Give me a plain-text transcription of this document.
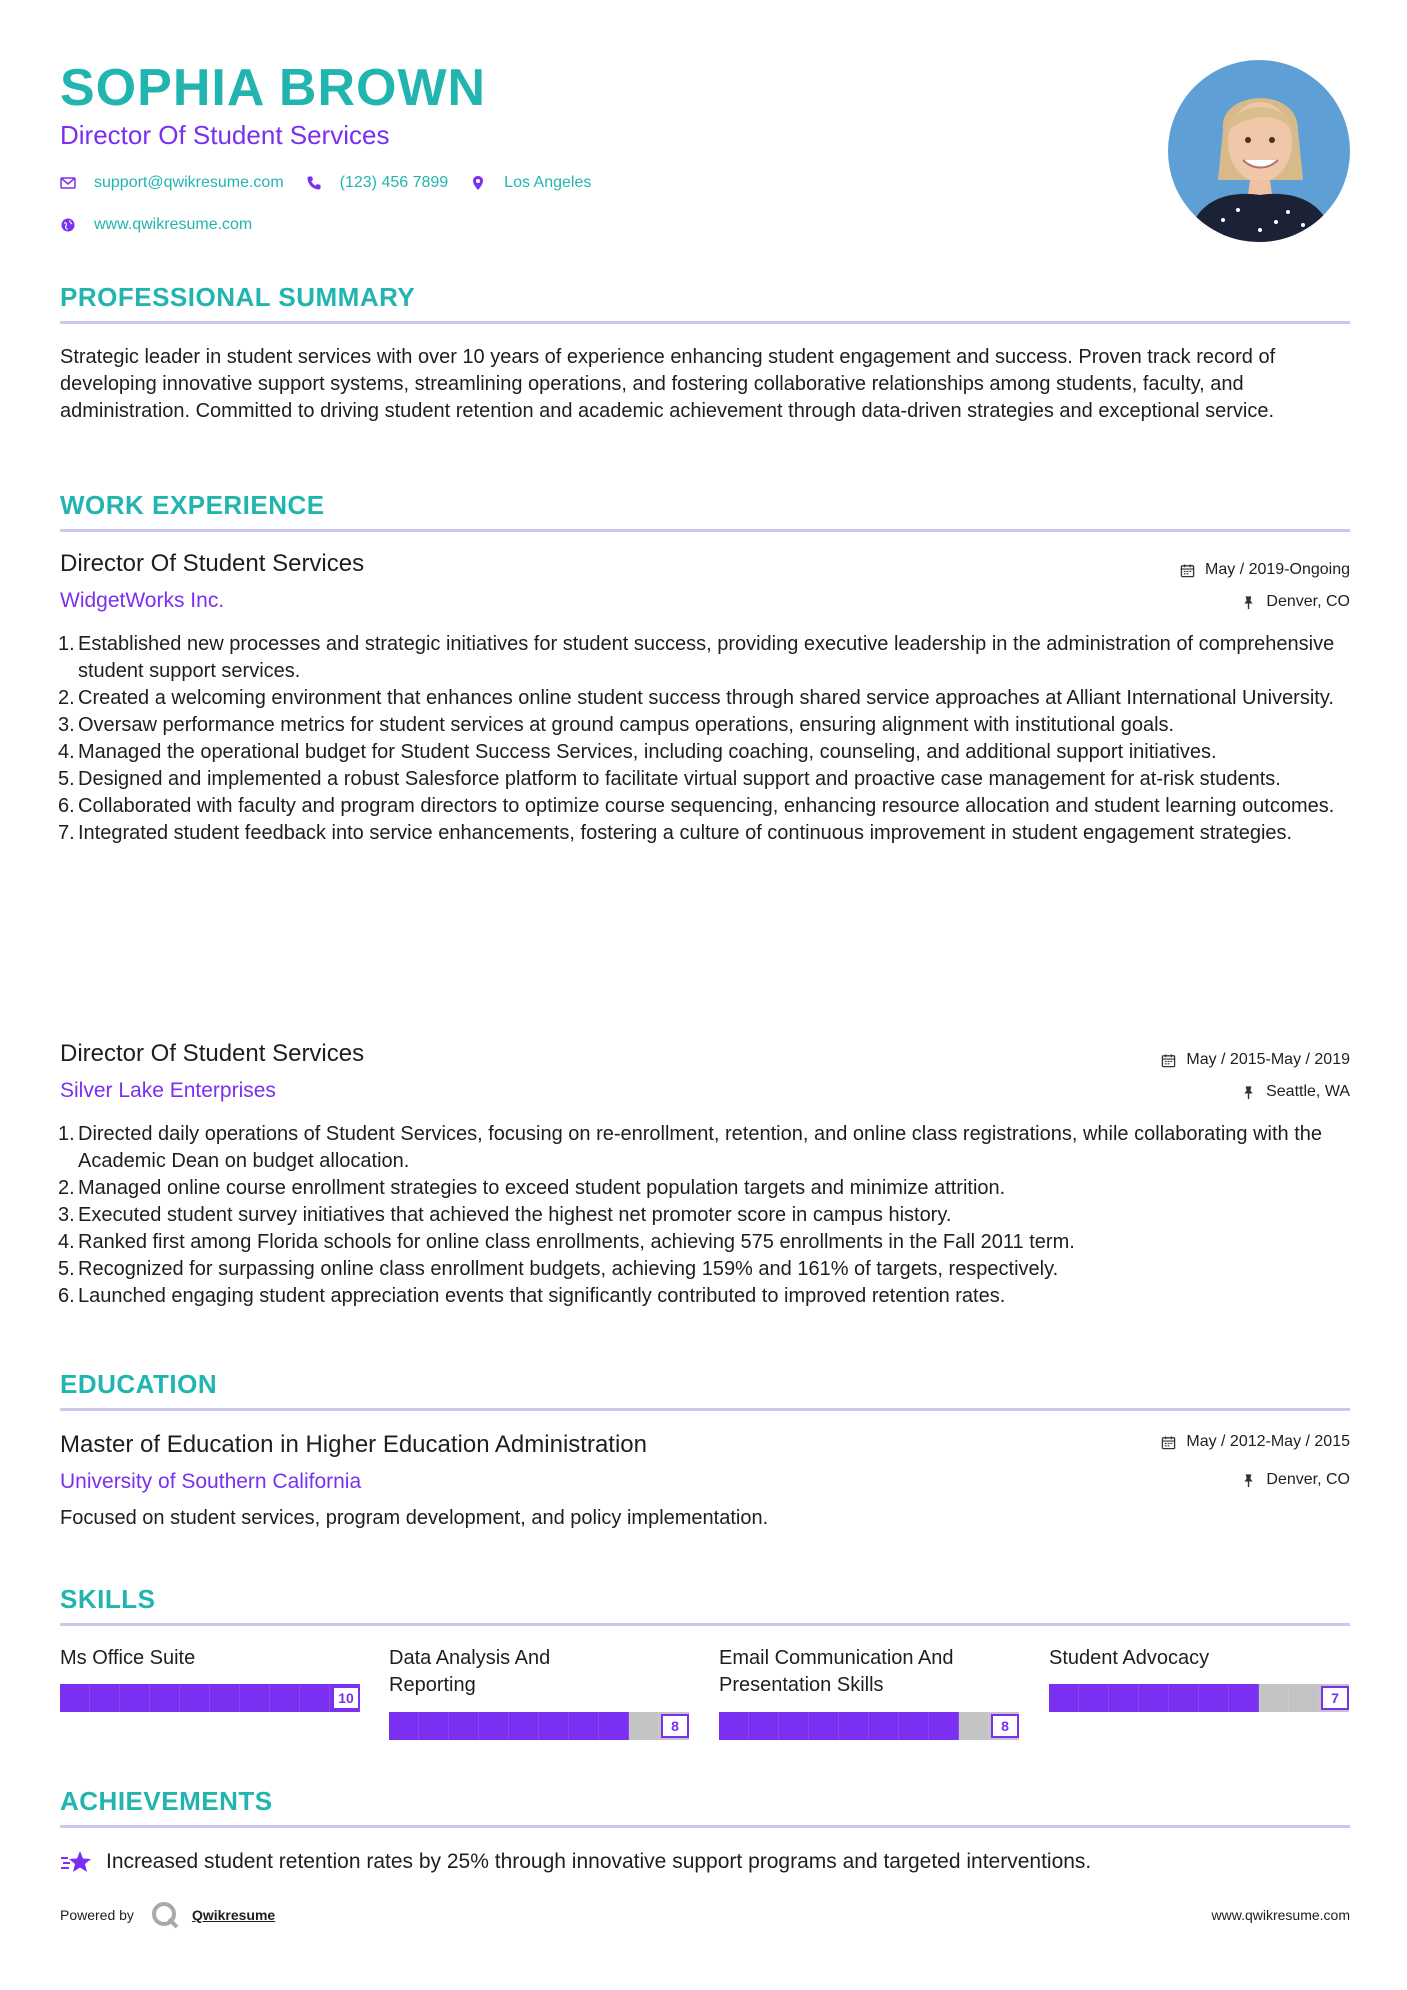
SOPHIA BROWN
Director Of Student Services
support@qwikresume.com	(123) 456 7899	Los Angeles
www.qwikresume.com
PROFESSIONAL SUMMARY
Strategic leader in student services with over 10 years of experience enhancing student engagement and success. Proven track record of developing innovative support systems, streamlining operations, and fostering collaborative relationships among students, faculty, and administration. Committed to driving student retention and academic achievement through data-driven strategies and exceptional service.
WORK EXPERIENCE
Director Of Student Services
WidgetWorks Inc.
May / 2019-Ongoing
Denver, CO
1. Established new processes and strategic initiatives for student success, providing executive leadership in the administration of comprehensive student support services.
2. Created a welcoming environment that enhances online student success through shared service approaches at Alliant International University.
3. Oversaw performance metrics for student services at ground campus operations, ensuring alignment with institutional goals.
4. Managed the operational budget for Student Success Services, including coaching, counseling, and additional support initiatives.
5. Designed and implemented a robust Salesforce platform to facilitate virtual support and proactive case management for at-risk students.
6. Collaborated with faculty and program directors to optimize course sequencing, enhancing resource allocation and student learning outcomes.
7. Integrated student feedback into service enhancements, fostering a culture of continuous improvement in student engagement strategies.
Director Of Student Services
Silver Lake Enterprises
May / 2015-May / 2019
Seattle, WA
1. Directed daily operations of Student Services, focusing on re-enrollment, retention, and online class registrations, while collaborating with the Academic Dean on budget allocation.
2. Managed online course enrollment strategies to exceed student population targets and minimize attrition.
3. Executed student survey initiatives that achieved the highest net promoter score in campus history.
4. Ranked first among Florida schools for online class enrollments, achieving 575 enrollments in the Fall 2011 term.
5. Recognized for surpassing online class enrollment budgets, achieving 159% and 161% of targets, respectively.
6. Launched engaging student appreciation events that significantly contributed to improved retention rates.
EDUCATION
Master of Education in Higher Education Administration
University of Southern California
May / 2012-May / 2015
Denver, CO
Focused on student services, program development, and policy implementation.
SKILLS
Ms Office Suite
10
Data Analysis And Reporting
8
Email Communication And Presentation Skills
8
Student Advocacy
7
ACHIEVEMENTS
Increased student retention rates by 25% through innovative support programs and targeted interventions.
Powered by	Qwikresume	www.qwikresume.com
